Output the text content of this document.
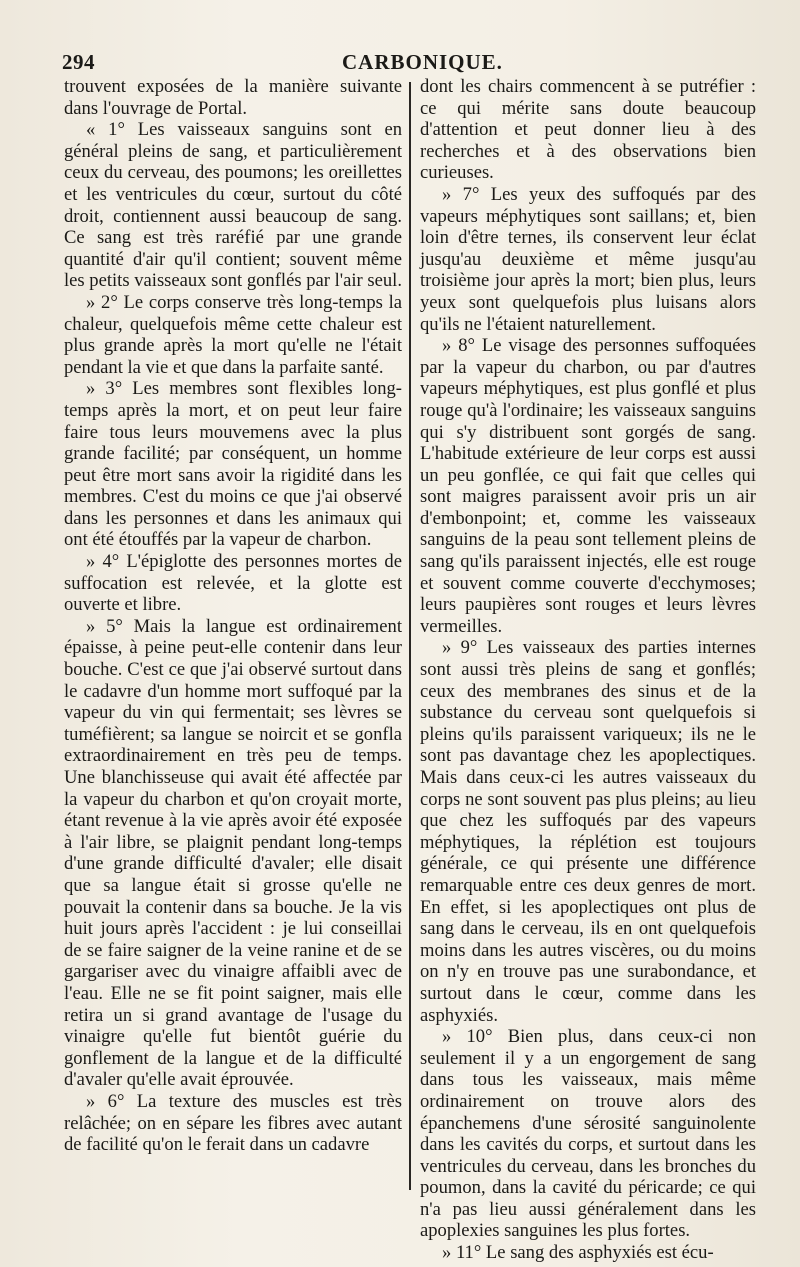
294	CARBONIQUE.

trouvent exposées de la manière suivante dans l'ouvrage de Portal.

« 1° Les vaisseaux sanguins sont en général pleins de sang, et particulièrement ceux du cerveau, des poumons; les oreillettes et les ventricules du cœur, surtout du côté droit, contiennent aussi beaucoup de sang. Ce sang est très raréfié par une grande quantité d'air qu'il contient; souvent même les petits vaisseaux sont gonflés par l'air seul.

» 2° Le corps conserve très long-temps la chaleur, quelquefois même cette chaleur est plus grande après la mort qu'elle ne l'était pendant la vie et que dans la parfaite santé.

» 3° Les membres sont flexibles long-temps après la mort, et on peut leur faire faire tous leurs mouvemens avec la plus grande facilité; par conséquent, un homme peut être mort sans avoir la rigidité dans les membres. C'est du moins ce que j'ai observé dans les personnes et dans les animaux qui ont été étouffés par la vapeur de charbon.

» 4° L'épiglotte des personnes mortes de suffocation est relevée, et la glotte est ouverte et libre.

» 5° Mais la langue est ordinairement épaisse, à peine peut-elle contenir dans leur bouche. C'est ce que j'ai observé surtout dans le cadavre d'un homme mort suffoqué par la vapeur du vin qui fermentait; ses lèvres se tuméfièrent; sa langue se noircit et se gonfla extraordinairement en très peu de temps. Une blanchisseuse qui avait été affectée par la vapeur du charbon et qu'on croyait morte, étant revenue à la vie après avoir été exposée à l'air libre, se plaignit pendant long-temps d'une grande difficulté d'avaler; elle disait que sa langue était si grosse qu'elle ne pouvait la contenir dans sa bouche. Je la vis huit jours après l'accident : je lui conseillai de se faire saigner de la veine ranine et de se gargariser avec du vinaigre affaibli avec de l'eau. Elle ne se fit point saigner, mais elle retira un si grand avantage de l'usage du vinaigre qu'elle fut bientôt guérie du gonflement de la langue et de la difficulté d'avaler qu'elle avait éprouvée.

» 6° La texture des muscles est très relâchée; on en sépare les fibres avec autant de facilité qu'on le ferait dans un cadavre

dont les chairs commencent à se putréfier : ce qui mérite sans doute beaucoup d'attention et peut donner lieu à des recherches et à des observations bien curieuses.

» 7° Les yeux des suffoqués par des vapeurs méphytiques sont saillans; et, bien loin d'être ternes, ils conservent leur éclat jusqu'au deuxième et même jusqu'au troisième jour après la mort; bien plus, leurs yeux sont quelquefois plus luisans alors qu'ils ne l'étaient naturellement.

» 8° Le visage des personnes suffoquées par la vapeur du charbon, ou par d'autres vapeurs méphytiques, est plus gonflé et plus rouge qu'à l'ordinaire; les vaisseaux sanguins qui s'y distribuent sont gorgés de sang. L'habitude extérieure de leur corps est aussi un peu gonflée, ce qui fait que celles qui sont maigres paraissent avoir pris un air d'embonpoint; et, comme les vaisseaux sanguins de la peau sont tellement pleins de sang qu'ils paraissent injectés, elle est rouge et souvent comme couverte d'ecchymoses; leurs paupières sont rouges et leurs lèvres vermeilles.

» 9° Les vaisseaux des parties internes sont aussi très pleins de sang et gonflés; ceux des membranes des sinus et de la substance du cerveau sont quelquefois si pleins qu'ils paraissent variqueux; ils ne le sont pas davantage chez les apoplectiques. Mais dans ceux-ci les autres vaisseaux du corps ne sont souvent pas plus pleins; au lieu que chez les suffoqués par des vapeurs méphytiques, la réplétion est toujours générale, ce qui présente une différence remarquable entre ces deux genres de mort. En effet, si les apoplectiques ont plus de sang dans le cerveau, ils en ont quelquefois moins dans les autres viscères, ou du moins on n'y en trouve pas une surabondance, et surtout dans le cœur, comme dans les asphyxiés.

» 10° Bien plus, dans ceux-ci non seulement il y a un engorgement de sang dans tous les vaisseaux, mais même ordinairement on trouve alors des épanchemens d'une sérosité sanguinolente dans les cavités du corps, et surtout dans les ventricules du cerveau, dans les bronches du poumon, dans la cavité du péricarde; ce qui n'a pas lieu aussi généralement dans les apoplexies sanguines les plus fortes.

» 11° Le sang des asphyxiés est écu-
